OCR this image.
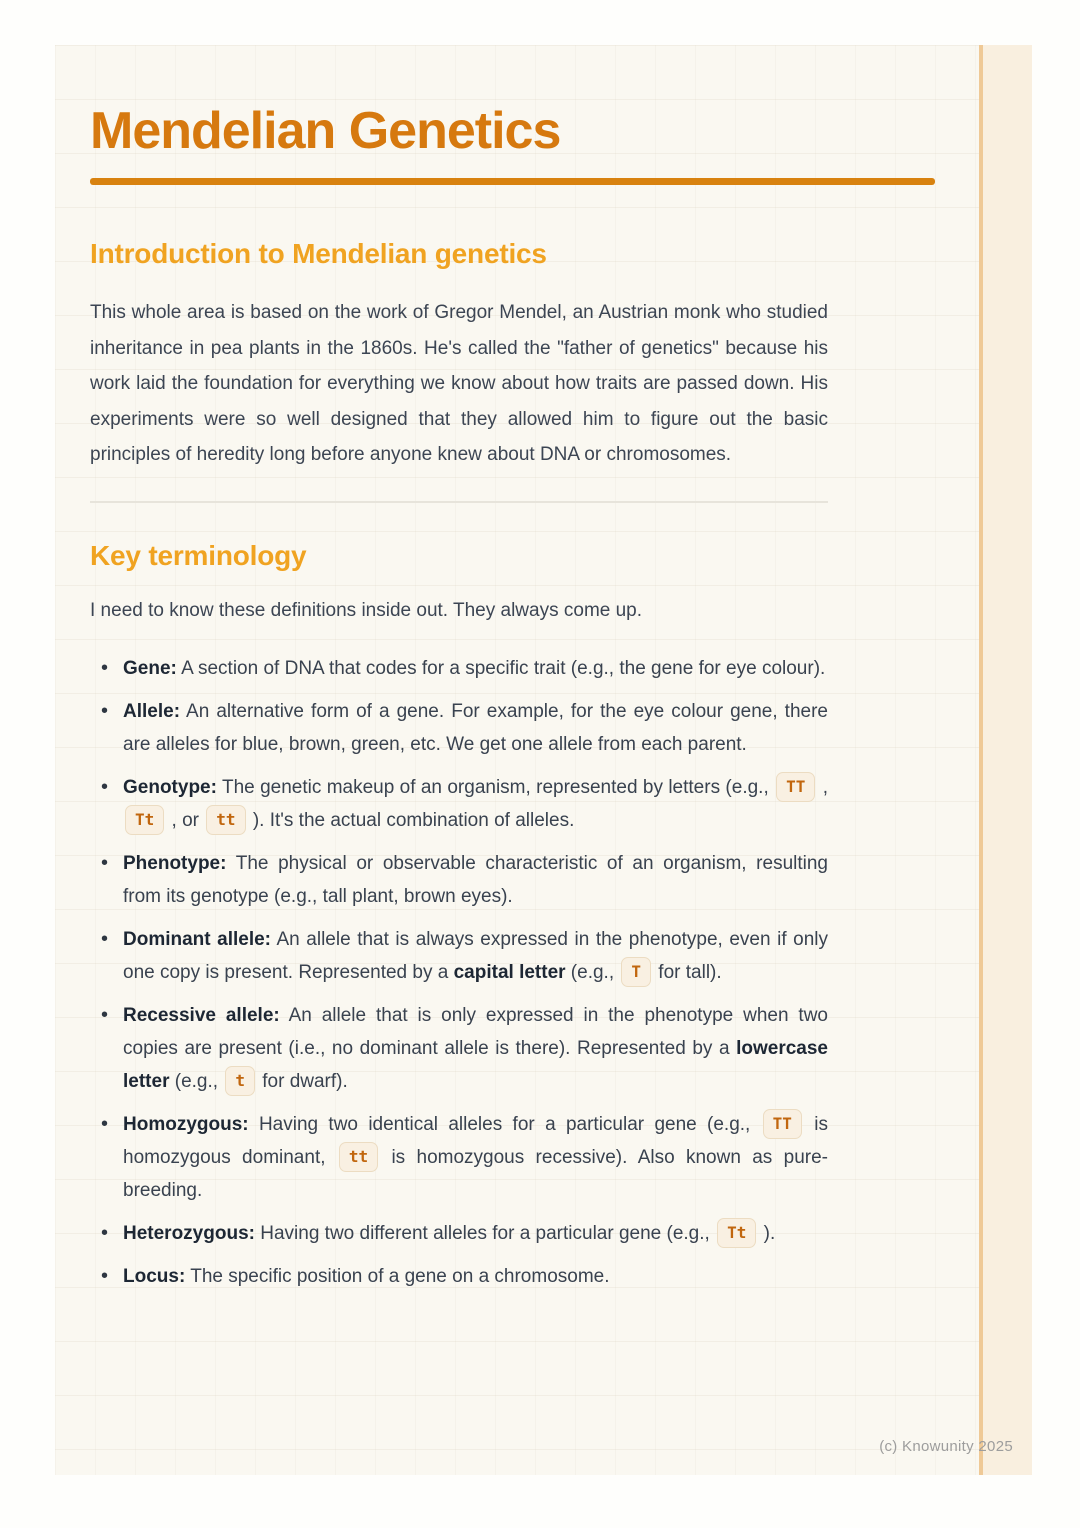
Mendelian Genetics
Introduction to Mendelian genetics

This whole area is based on the work of Gregor Mendel, an Austrian monk who studied inheritance in pea plants in the 1860s. He's called the "father of genetics" because his work laid the foundation for everything we know about how traits are passed down. His experiments were so well designed that they allowed him to figure out the basic principles of heredity long before anyone knew about DNA or chromosomes.

Key terminology

I need to know these definitions inside out. They always come up.

• Gene: A section of DNA that codes for a specific trait (e.g., the gene for eye colour).
• Allele: An alternative form of a gene. For example, for the eye colour gene, there are alleles for blue, brown, green, etc. We get one allele from each parent.
• Genotype: The genetic makeup of an organism, represented by letters (e.g., TT , Tt , or tt ). It's the actual combination of alleles.
• Phenotype: The physical or observable characteristic of an organism, resulting from its genotype (e.g., tall plant, brown eyes).
• Dominant allele: An allele that is always expressed in the phenotype, even if only one copy is present. Represented by a capital letter (e.g., T for tall).
• Recessive allele: An allele that is only expressed in the phenotype when two copies are present (i.e., no dominant allele is there). Represented by a lowercase letter (e.g., t for dwarf).
• Homozygous: Having two identical alleles for a particular gene (e.g., TT is homozygous dominant, tt is homozygous recessive). Also known as pure-breeding.
• Heterozygous: Having two different alleles for a particular gene (e.g., Tt ).
• Locus: The specific position of a gene on a chromosome.
(c) Knowunity 2025
